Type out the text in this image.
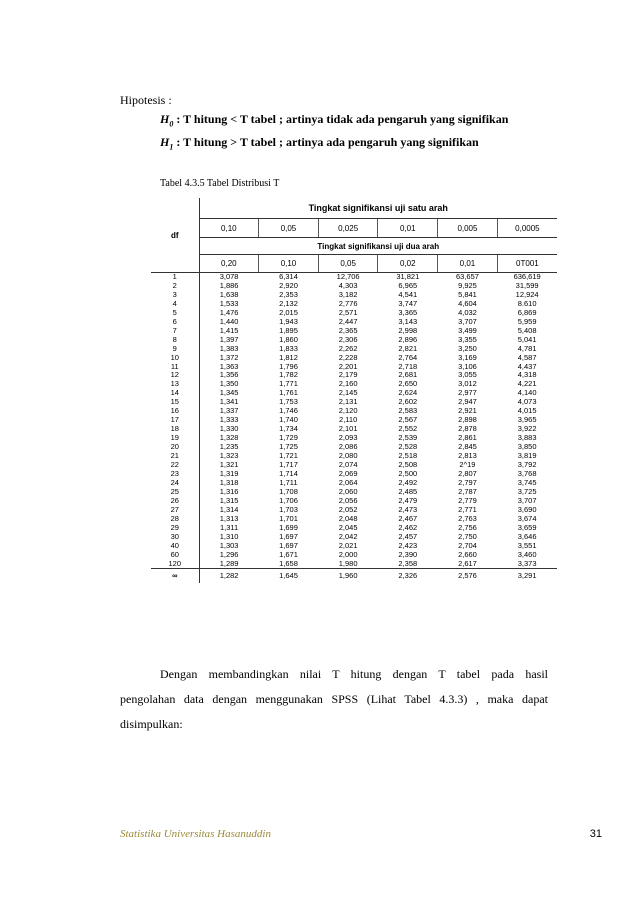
Hipotesis :
$H_0$ : T hitung < T tabel ; artinya tidak ada pengaruh yang signifikan
$H_1$ : T hitung > T tabel ; artinya ada pengaruh yang signifikan
Tabel 4.3.5 Tabel Distribusi T
df	Tingkat signifikansi uji satu arah					
	0,10	0,05	0,025	0,01	0,005	0,0005
	Tingkat signifikansi uji dua arah					
	0,20	0,10	0,05	0,02	0,01	0T001
1	3,078	6,314	12,706	31,821	63,657	636,619
2	1,886	2,920	4,303	6,965	9,925	31,599
3	1,638	2,353	3,182	4,541	5,841	12,924
4	1,533	2,132	2,776	3,747	4,604	8.610
5	1,476	2,015	2,571	3,365	4,032	6,869
6	1,440	1,943	2,447	3,143	3,707	5,959
7	1,415	1,895	2,365	2,998	3,499	5,408
8	1,397	1,860	2,306	2,896	3,355	5,041
9	1,383	1,833	2,262	2,821	3,250	4,781
10	1,372	1,812	2,228	2,764	3,169	4,587
11	1,363	1,796	2,201	2,718	3,106	4,437
12	1,356	1,782	2,179	2,681	3,055	4,318
13	1,350	1,771	2,160	2,650	3,012	4,221
14	1,345	1,761	2,145	2,624	2,977	4,140
15	1,341	1,753	2,131	2,602	2,947	4,073
16	1,337	1,746	2,120	2,583	2,921	4,015
17	1,333	1,740	2,110	2,567	2,898	3,965
18	1,330	1,734	2,101	2,552	2,878	3,922
19	1,328	1,729	2,093	2,539	2,861	3,883
20	1,235	1,725	2,086	2,528	2,845	3,850
21	1,323	1,721	2,080	2,518	2,813	3,819
22	1,321	1,717	2,074	2,508	2^19	3,792
23	1,319	1,714	2,069	2,500	2,807	3,768
24	1,318	1,711	2,064	2,492	2,797	3,745
25	1,316	1,708	2,060	2,485	2,787	3,725
26	1,315	1,706	2,056	2,479	2,779	3,707
27	1,314	1,703	2,052	2,473	2,771	3,690
28	1,313	1,701	2,048	2,467	2,763	3,674
29	1,311	1,699	2,045	2,462	2,756	3,659
30	1,310	1,697	2,042	2,457	2,750	3,646
40	1,303	1,697	2,021	2,423	2,704	3,551
60	1,296	1,671	2,000	2,390	2,660	3,460
120	1,289	1,658	1,980	2,358	2,617	3,373
∞	1,282	1,645	1,960	2,326	2,576	3,291
Dengan membandingkan nilai T hitung dengan T tabel pada hasil
pengolahan data dengan menggunakan SPSS (Lihat Tabel 4.3.3) , maka dapat
disimpulkan:
Statistika Universitas Hasanuddin	31
